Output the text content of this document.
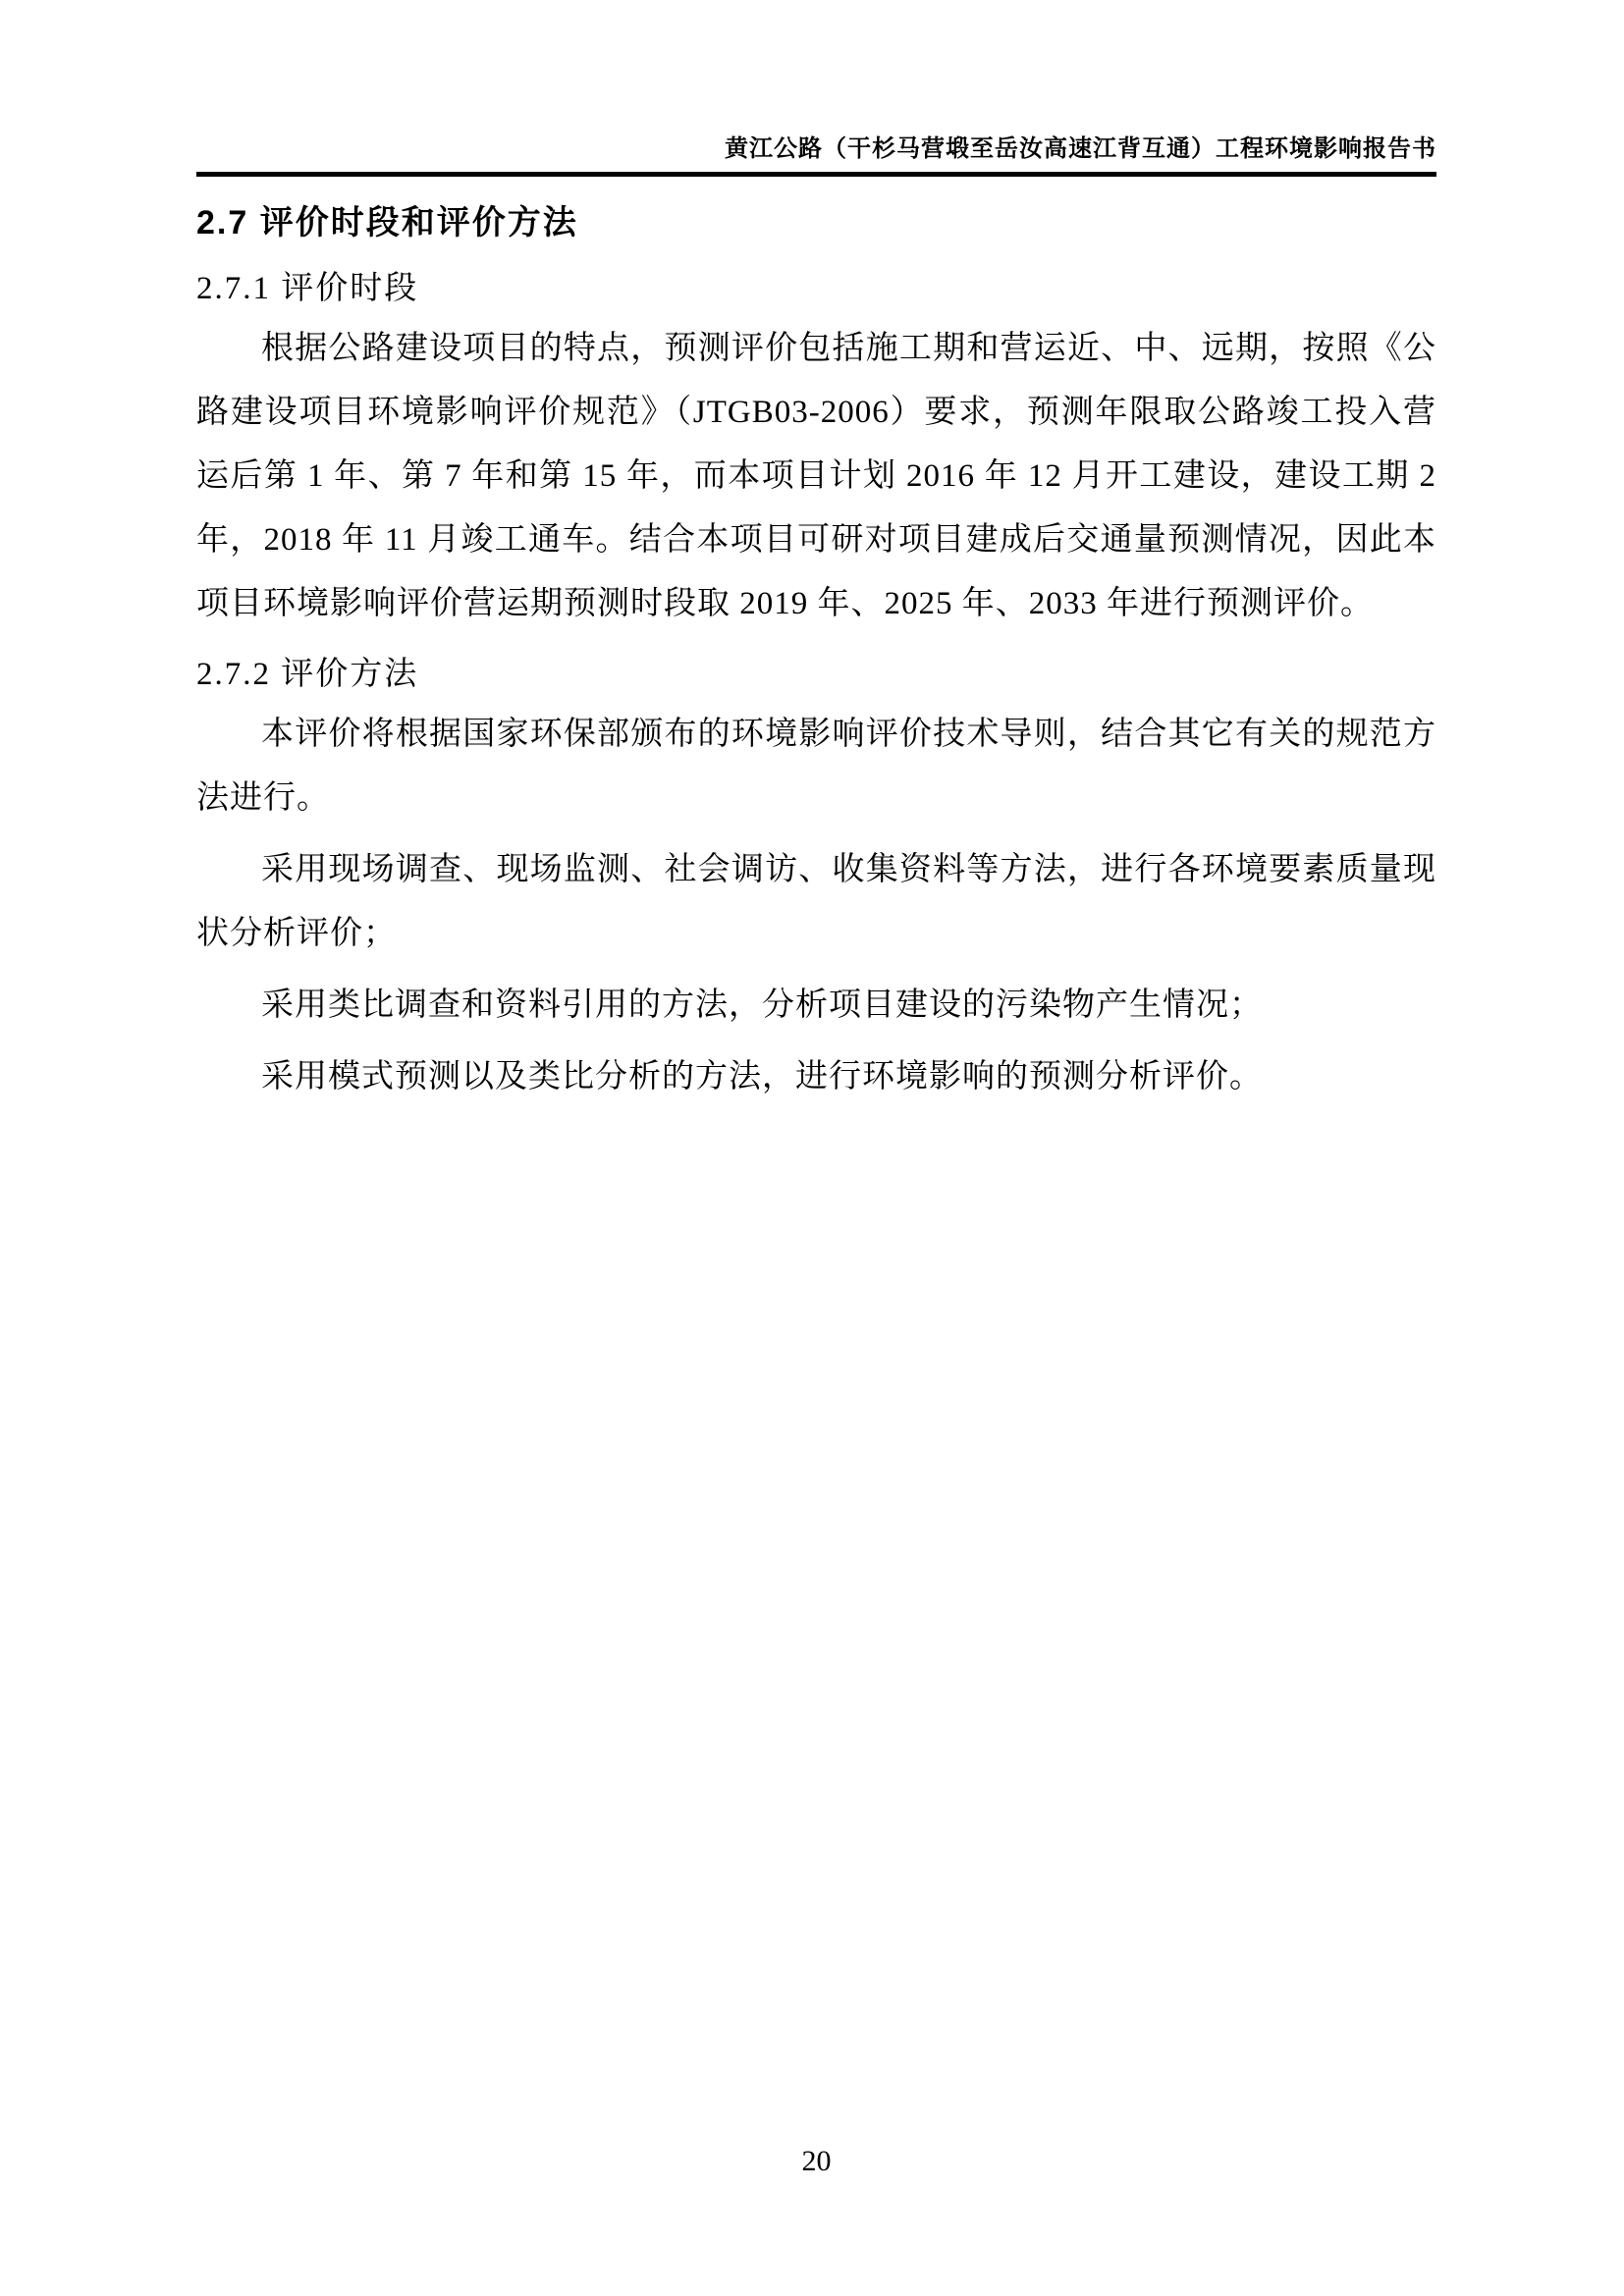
黄江公路（干杉马营塅至岳汝高速江背互通）工程环境影响报告书
2.7 评价时段和评价方法
2.7.1 评价时段

根据公路建设项目的特点，预测评价包括施工期和营运近、中、远期，按照《公路建设项目环境影响评价规范》（JTGB03-2006）要求，预测年限取公路竣工投入营运后第 1 年、第 7 年和第 15 年，而本项目计划 2016 年 12 月开工建设，建设工期 2 年，2018 年 11 月竣工通车。结合本项目可研对项目建成后交通量预测情况，因此本项目环境影响评价营运期预测时段取 2019 年、2025 年、2033 年进行预测评价。

2.7.2 评价方法

本评价将根据国家环保部颁布的环境影响评价技术导则，结合其它有关的规范方法进行。

采用现场调查、现场监测、社会调访、收集资料等方法，进行各环境要素质量现状分析评价；

采用类比调查和资料引用的方法，分析项目建设的污染物产生情况；

采用模式预测以及类比分析的方法，进行环境影响的预测分析评价。

20
